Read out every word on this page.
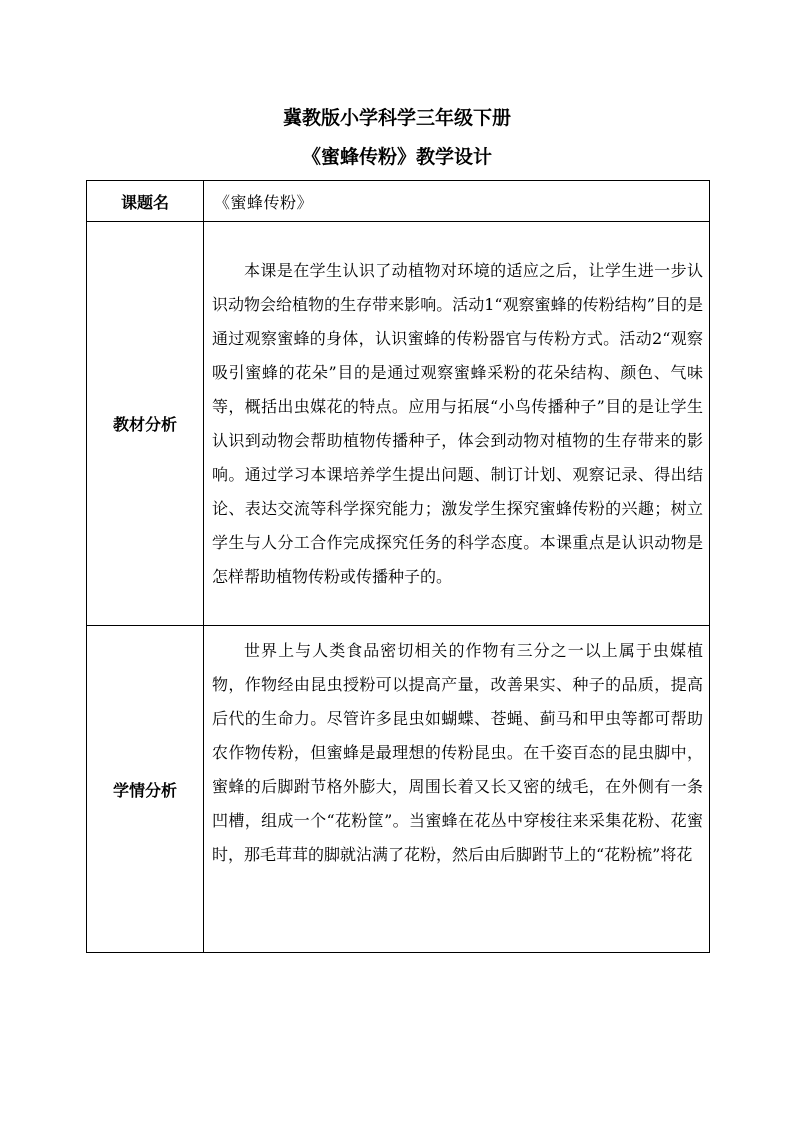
冀教版小学科学三年级下册
《蜜蜂传粉》教学设计
课题名	《蜜蜂传粉》
教材分析	本课是在学生认识了动植物对环境的适应之后，让学生进一步认识动物会给植物的生存带来影响。活动1“观察蜜蜂的传粉结构”目的是通过观察蜜蜂的身体，认识蜜蜂的传粉器官与传粉方式。活动2“观察吸引蜜蜂的花朵”目的是通过观察蜜蜂采粉的花朵结构、颜色、气味等，概括出虫媒花的特点。应用与拓展“小鸟传播种子”目的是让学生认识到动物会帮助植物传播种子，体会到动物对植物的生存带来的影响。通过学习本课培养学生提出问题、制订计划、观察记录、得出结论、表达交流等科学探究能力；激发学生探究蜜蜂传粉的兴趣；树立学生与人分工合作完成探究任务的科学态度。本课重点是认识动物是怎样帮助植物传粉或传播种子的。
学情分析	世界上与人类食品密切相关的作物有三分之一以上属于虫媒植物，作物经由昆虫授粉可以提高产量，改善果实、种子的品质，提高后代的生命力。尽管许多昆虫如蝴蝶、苍蝇、蓟马和甲虫等都可帮助农作物传粉，但蜜蜂是最理想的传粉昆虫。在千姿百态的昆虫脚中，蜜蜂的后脚跗节格外膨大，周围长着又长又密的绒毛，在外侧有一条凹槽，组成一个“花粉筐”。当蜜蜂在花丛中穿梭往来采集花粉、花蜜时，那毛茸茸的脚就沾满了花粉，然后由后脚跗节上的“花粉梳”将花
